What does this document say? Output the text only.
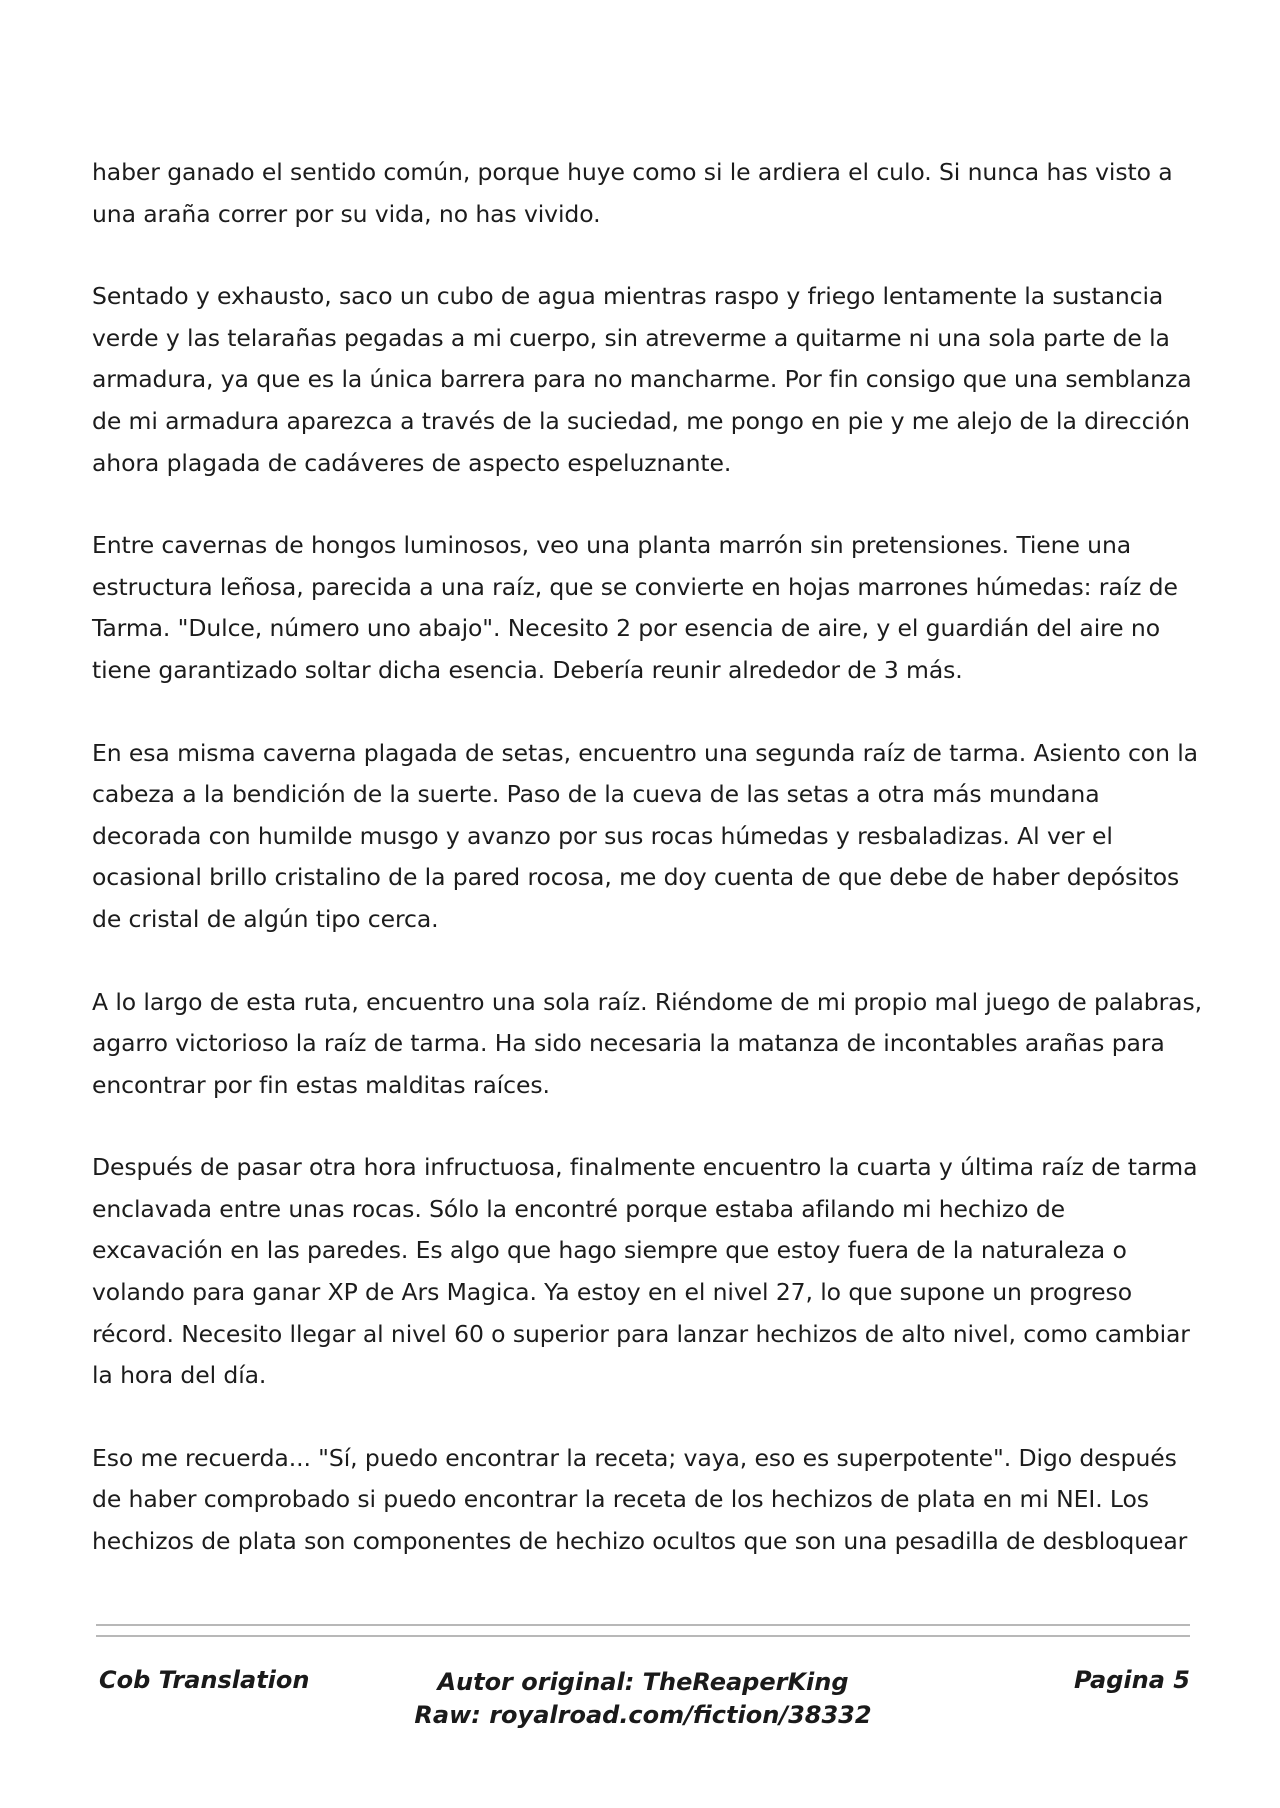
haber ganado el sentido común, porque huye como si le ardiera el culo. Si nunca has visto a una araña correr por su vida, no has vivido.

Sentado y exhausto, saco un cubo de agua mientras raspo y friego lentamente la sustancia verde y las telarañas pegadas a mi cuerpo, sin atreverme a quitarme ni una sola parte de la armadura, ya que es la única barrera para no mancharme. Por fin consigo que una semblanza de mi armadura aparezca a través de la suciedad, me pongo en pie y me alejo de la dirección ahora plagada de cadáveres de aspecto espeluznante.

Entre cavernas de hongos luminosos, veo una planta marrón sin pretensiones. Tiene una estructura leñosa, parecida a una raíz, que se convierte en hojas marrones húmedas: raíz de Tarma. "Dulce, número uno abajo". Necesito 2 por esencia de aire, y el guardián del aire no tiene garantizado soltar dicha esencia. Debería reunir alrededor de 3 más.

En esa misma caverna plagada de setas, encuentro una segunda raíz de tarma. Asiento con la cabeza a la bendición de la suerte. Paso de la cueva de las setas a otra más mundana decorada con humilde musgo y avanzo por sus rocas húmedas y resbaladizas. Al ver el ocasional brillo cristalino de la pared rocosa, me doy cuenta de que debe de haber depósitos de cristal de algún tipo cerca.

A lo largo de esta ruta, encuentro una sola raíz. Riéndome de mi propio mal juego de palabras, agarro victorioso la raíz de tarma. Ha sido necesaria la matanza de incontables arañas para encontrar por fin estas malditas raíces.

Después de pasar otra hora infructuosa, finalmente encuentro la cuarta y última raíz de tarma enclavada entre unas rocas. Sólo la encontré porque estaba afilando mi hechizo de excavación en las paredes. Es algo que hago siempre que estoy fuera de la naturaleza o volando para ganar XP de Ars Magica. Ya estoy en el nivel 27, lo que supone un progreso récord. Necesito llegar al nivel 60 o superior para lanzar hechizos de alto nivel, como cambiar la hora del día.

Eso me recuerda... "Sí, puedo encontrar la receta; vaya, eso es superpotente". Digo después de haber comprobado si puedo encontrar la receta de los hechizos de plata en mi NEI. Los hechizos de plata son componentes de hechizo ocultos que son una pesadilla de desbloquear

Cob Translation	Autor original: TheReaperKing
Raw: royalroad.com/fiction/38332
Pagina 5
